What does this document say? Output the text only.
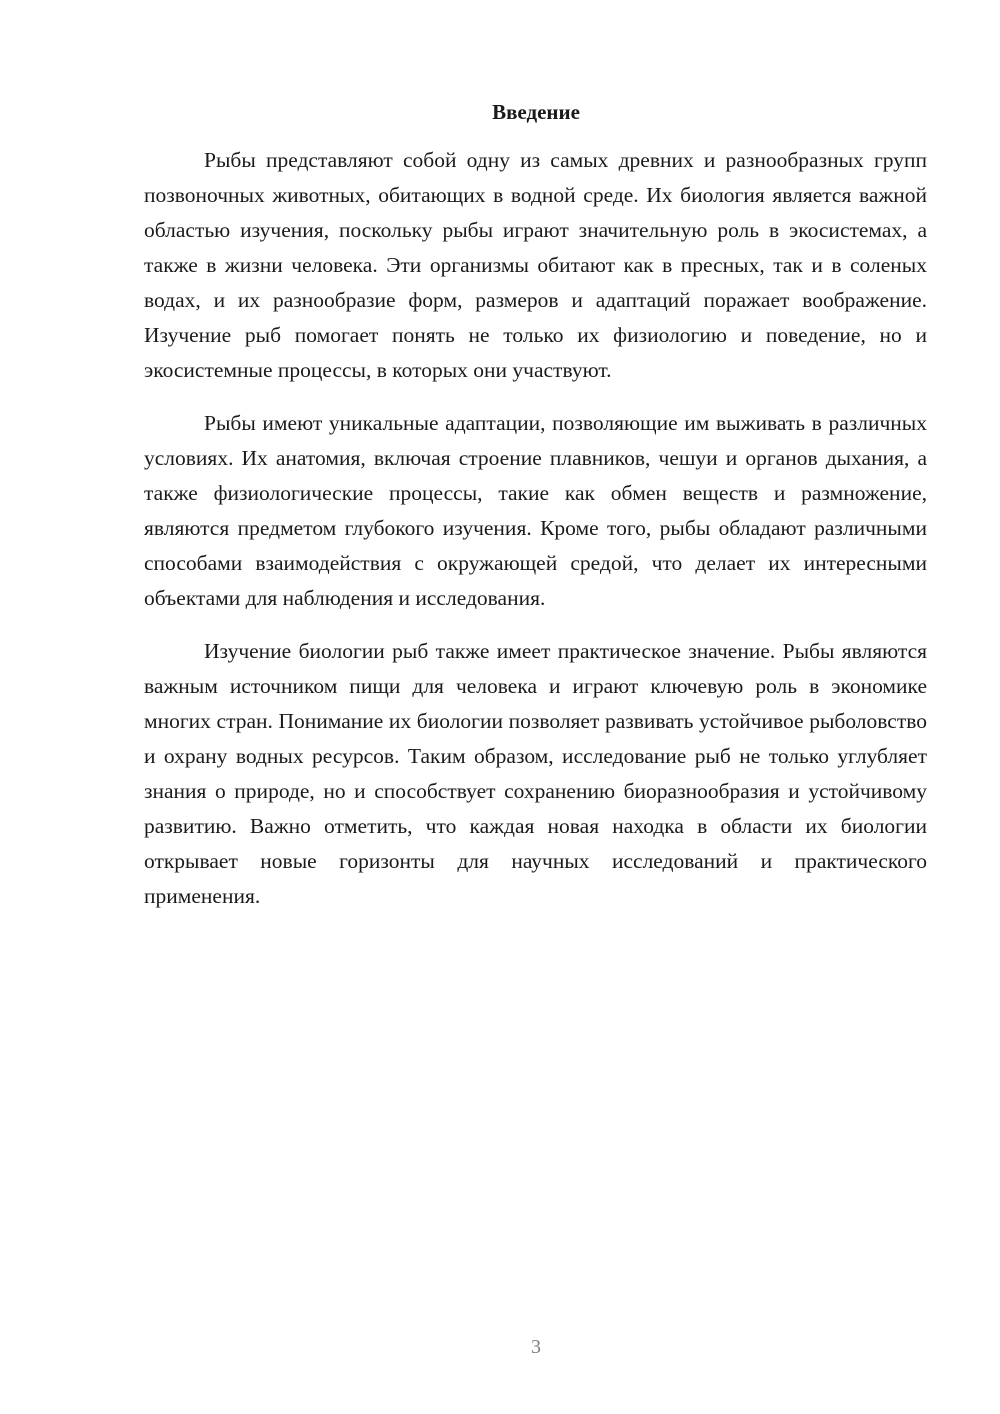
Введение

Рыбы представляют собой одну из самых древних и разнообразных групп позвоночных животных, обитающих в водной среде. Их биология является важной областью изучения, поскольку рыбы играют значительную роль в экосистемах, а также в жизни человека. Эти организмы обитают как в пресных, так и в соленых водах, и их разнообразие форм, размеров и адаптаций поражает воображение. Изучение рыб помогает понять не только их физиологию и поведение, но и экосистемные процессы, в которых они участвуют.

Рыбы имеют уникальные адаптации, позволяющие им выживать в различных условиях. Их анатомия, включая строение плавников, чешуи и органов дыхания, а также физиологические процессы, такие как обмен веществ и размножение, являются предметом глубокого изучения. Кроме того, рыбы обладают различными способами взаимодействия с окружающей средой, что делает их интересными объектами для наблюдения и исследования.

Изучение биологии рыб также имеет практическое значение. Рыбы являются важным источником пищи для человека и играют ключевую роль в экономике многих стран. Понимание их биологии позволяет развивать устойчивое рыболовство и охрану водных ресурсов. Таким образом, исследование рыб не только углубляет знания о природе, но и способствует сохранению биоразнообразия и устойчивому развитию. Важно отметить, что каждая новая находка в области их биологии открывает новые горизонты для научных исследований и практического применения.

3
